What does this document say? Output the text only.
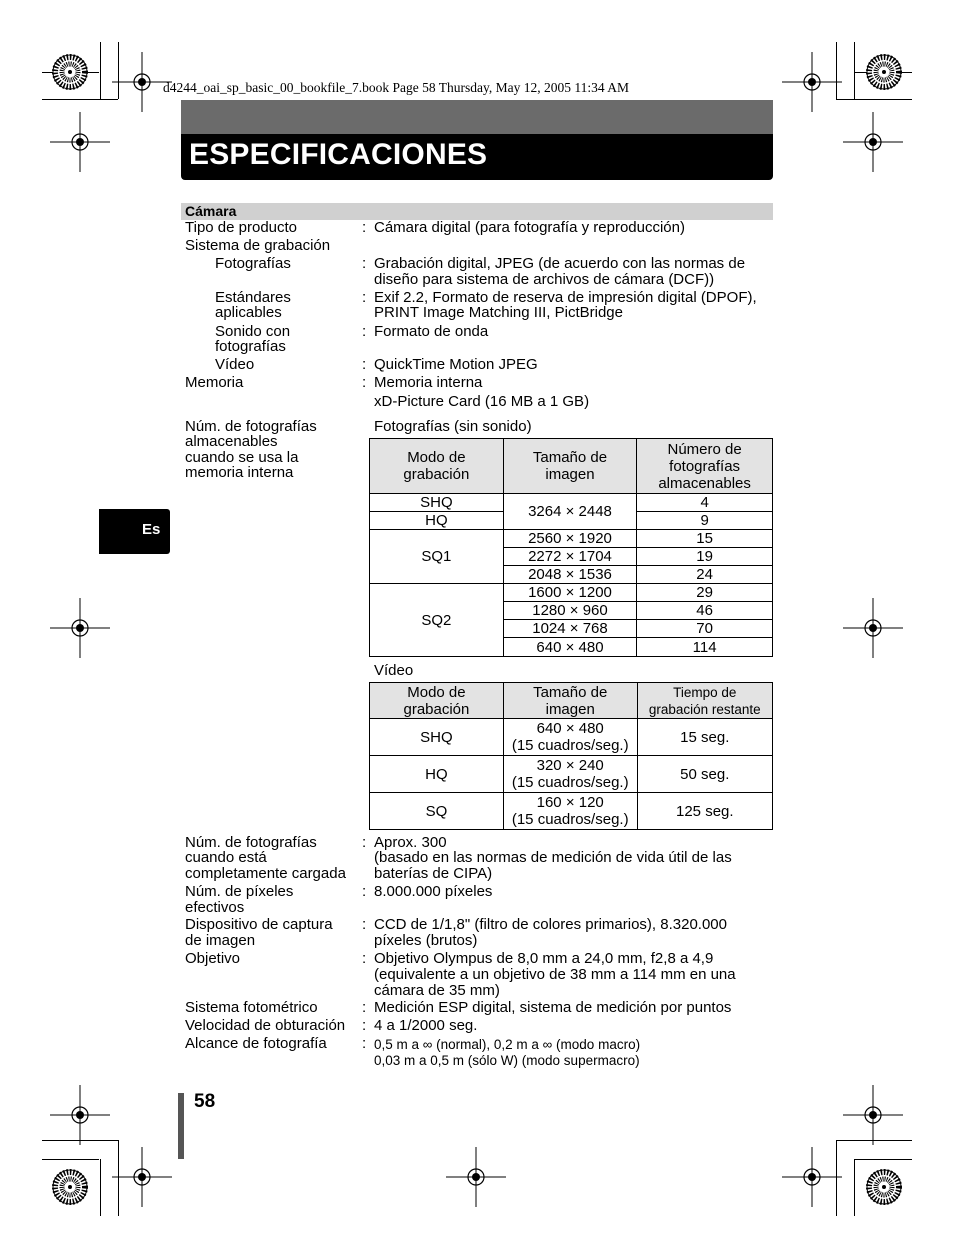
d4244_oai_sp_basic_00_bookfile_7.book Page 58 Thursday, May 12, 2005 11:34 AM
ESPECIFICACIONES
Es
Cámara
Tipo de producto	: Cámara digital (para fotografía y reproducción)
Sistema de grabación
Fotografías	: Grabación digital, JPEG (de acuerdo con las normas de
diseño para sistema de archivos de cámara (DCF))
Estándares
aplicables
: Exif 2.2, Formato de reserva de impresión digital (DPOF),
PRINT Image Matching III, PictBridge
Sonido con
fotografías
: Formato de onda
Vídeo	: QuickTime Motion JPEG
Memoria	: Memoria interna
xD-Picture Card (16 MB a 1 GB)
Núm. de fotografías
almacenables
cuando se usa la
memoria interna
Fotografías (sin sonido)
Modo de grabación	Tamaño de imagen	Número de fotografías almacenables
SHQ	3264 × 2448	4
HQ		9
SQ1	2560 × 1920	15
	2272 × 1704	19
	2048 × 1536	24
SQ2	1600 × 1200	29
	1280 × 960	46
	1024 × 768	70
	640 × 480	114
Vídeo
Modo de grabación	Tamaño de imagen	Tiempo de grabación restante
SHQ	640 × 480
(15 cuadros/seg.)	15 seg.
HQ	320 × 240
(15 cuadros/seg.)	50 seg.
SQ	160 × 120
(15 cuadros/seg.)	125 seg.
Núm. de fotografías
cuando está
completamente cargada
: Aprox. 300
(basado en las normas de medición de vida útil de las
baterías de CIPA)
Núm. de píxeles
efectivos
: 8.000.000 píxeles
Dispositivo de captura
de imagen
: CCD de 1/1,8" (filtro de colores primarios), 8.320.000
píxeles (brutos)
Objetivo	: Objetivo Olympus de 8,0 mm a 24,0 mm, f2,8 a 4,9
(equivalente a un objetivo de 38 mm a 114 mm en una
cámara de 35 mm)
Sistema fotométrico	: Medición ESP digital, sistema de medición por puntos
Velocidad de obturación : 4 a 1/2000 seg.
Alcance de fotografía : 0,5 m a ∞ (normal), 0,2 m a ∞ (modo macro)
0,03 m a 0,5 m (sólo W) (modo supermacro)
58
